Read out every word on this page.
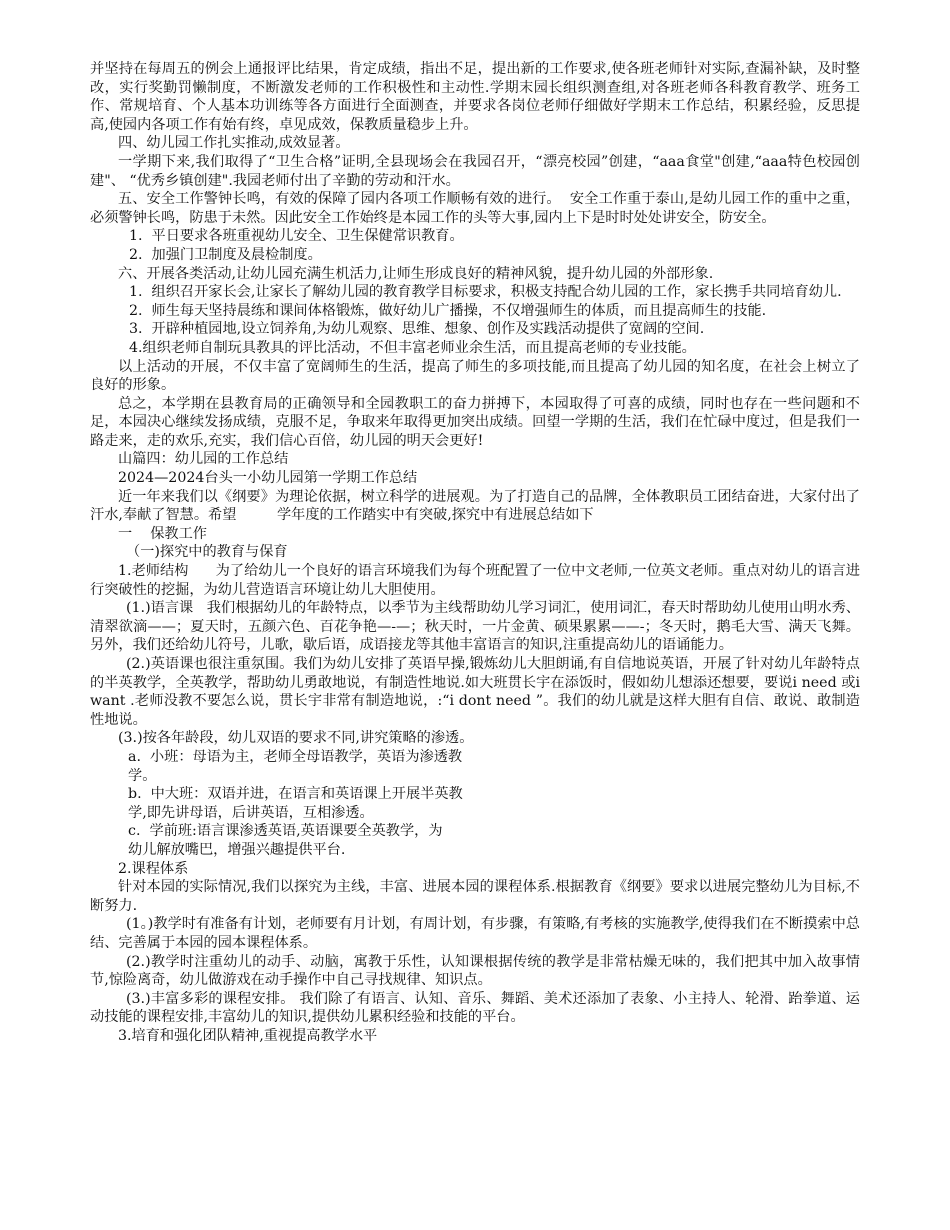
并坚持在每周五的例会上通报评比结果，肯定成绩，指出不足，提出新的工作要求,使各班老师针对实际,查漏补缺，及时整改，实行奖勤罚懒制度，不断激发老师的工作积极性和主动性.学期末园长组织测查组,对各班老师各科教育教学、班务工作、常规培育、个人基本功训练等各方面进行全面测查，并要求各岗位老师仔细做好学期末工作总结，积累经验，反思提高,使园内各项工作有始有终，卓见成效，保教质量稳步上升。

四、幼儿园工作扎实推动,成效显著。

一学期下来,我们取得了“卫生合格”证明,全县现场会在我园召开，“漂亮校园”创建，“aaa食堂"创建,“aaa特色校园创建"、 “优秀乡镇创建".我园老师付出了辛勤的劳动和汗水。

五、安全工作警钟长鸣，有效的保障了园内各项工作顺畅有效的进行。  安全工作重于泰山,是幼儿园工作的重中之重，必须警钟长鸣，防患于未然。因此安全工作始终是本园工作的头等大事,园内上下是时时处处讲安全，防安全。

1.  平日要求各班重视幼儿安全、卫生保健常识教育。

2.  加强门卫制度及晨检制度。

六、开展各类活动,让幼儿园充满生机活力,让师生形成良好的精神风貌，提升幼儿园的外部形象.

1.  组织召开家长会,让家长了解幼儿园的教育教学目标要求，积极支持配合幼儿园的工作，家长携手共同培育幼儿.

2.  师生每天坚持晨练和课间体格锻炼，做好幼儿广播操，不仅增强师生的体质，而且提高师生的技能.

3.  开辟种植园地,设立饲养角,为幼儿观察、思维、想象、创作及实践活动提供了宽阔的空间.

4.组织老师自制玩具教具的评比活动，不但丰富老师业余生活，而且提高老师的专业技能。

以上活动的开展，不仅丰富了宽阔师生的生活，提高了师生的多项技能,而且提高了幼儿园的知名度，在社会上树立了良好的形象。

总之，本学期在县教育局的正确领导和全园教职工的奋力拼搏下，本园取得了可喜的成绩，同时也存在一些问题和不足，本园决心继续发扬成绩，克服不足，争取来年取得更加突出成绩。回望一学期的生活，我们在忙碌中度过，但是我们一路走来，走的欢乐,充实，我们信心百倍，幼儿园的明天会更好!

山篇四：幼儿园的工作总结

2024—2024台头一小幼儿园第一学期工作总结

近一年来我们以《纲要》为理论依据，树立科学的进展观。为了打造自己的品牌，全体教职员工团结奋进，大家付出了汗水,奉献了智慧。希望         学年度的工作踏实中有突破,探究中有进展总结如下

一    保教工作

（一)探究中的教育与保育

1.老师结构      为了给幼儿一个良好的语言环境我们为每个班配置了一位中文老师,一位英文老师。重点对幼儿的语言进行突破性的挖掘，为幼儿营造语言环境让幼儿大胆使用。

(1.)语言课   我们根据幼儿的年龄特点，以季节为主线帮助幼儿学习词汇，使用词汇，春天时帮助幼儿使用山明水秀、清翠欲滴——；夏天时，五颜六色、百花争艳—-—；秋天时，一片金黄、硕果累累——-；冬天时，鹅毛大雪、满天飞舞。另外，我们还给幼儿符号，儿歌，歇后语，成语接龙等其他丰富语言的知识,注重提高幼儿的语诵能力。

(2.)英语课也很注重氛围。我们为幼儿安排了英语早操,锻炼幼儿大胆朗诵,有自信地说英语，开展了针对幼儿年龄特点的半英教学，全英教学，帮助幼儿勇敢地说，有制造性地说.如大班贯长宇在添饭时，假如幼儿想添还想要，要说i need 或i want .老师没教不要怎么说，贯长宇非常有制造地说，:“i dont need ”。我们的幼儿就是这样大胆有自信、敢说、敢制造性地说。

(3.)按各年龄段，幼儿双语的要求不同,讲究策略的渗透。

a.  小班：母语为主，老师全母语教学，英语为渗透教

学。

b.  中大班：双语并进，在语言和英语课上开展半英教

学,即先讲母语，后讲英语，互相渗透。

c.  学前班:语言课渗透英语,英语课要全英教学，为

幼儿解放嘴巴，增强兴趣提供平台.

2.课程体系

针对本园的实际情况,我们以探究为主线，丰富、进展本园的课程体系.根据教育《纲要》要求以进展完整幼儿为目标,不断努力.

(1。)教学时有准备有计划，老师要有月计划，有周计划，有步骤，有策略,有考核的实施教学,使得我们在不断摸索中总结、完善属于本园的园本课程体系。

(2.)教学时注重幼儿的动手、动脑，寓教于乐性，认知课根据传统的教学是非常枯燥无味的，我们把其中加入故事情节,惊险离奇，幼儿做游戏在动手操作中自己寻找规律、知识点。

(3.)丰富多彩的课程安排。 我们除了有语言、认知、音乐、舞蹈、美术还添加了表象、小主持人、轮滑、跆拳道、运动技能的课程安排,丰富幼儿的知识,提供幼儿累积经验和技能的平台。

3.培育和强化团队精神,重视提高教学水平
